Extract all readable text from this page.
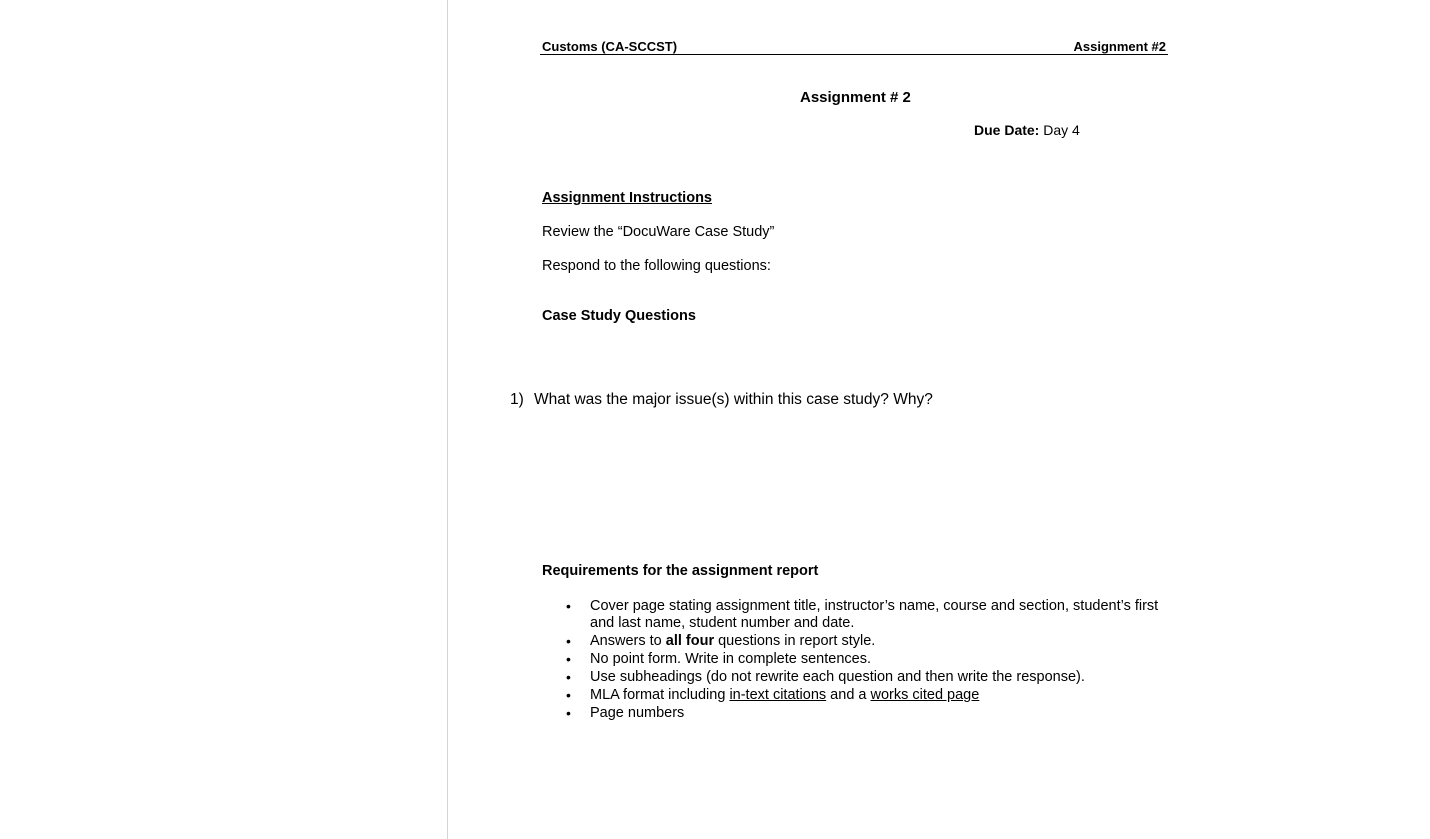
Customs (CA-SCCST)	Assignment #2
Assignment # 2
Due Date: Day 4
Assignment Instructions
Review the “DocuWare Case Study”
Respond to the following questions:
Case Study Questions
1) What was the major issue(s) within this case study? Why?
Requirements for the assignment report
• Cover page stating assignment title, instructor’s name, course and section, student’s first and last name, student number and date.
• Answers to all four questions in report style.
• No point form. Write in complete sentences.
• Use subheadings (do not rewrite each question and then write the response).
• MLA format including in-text citations and a works cited page
• Page numbers
